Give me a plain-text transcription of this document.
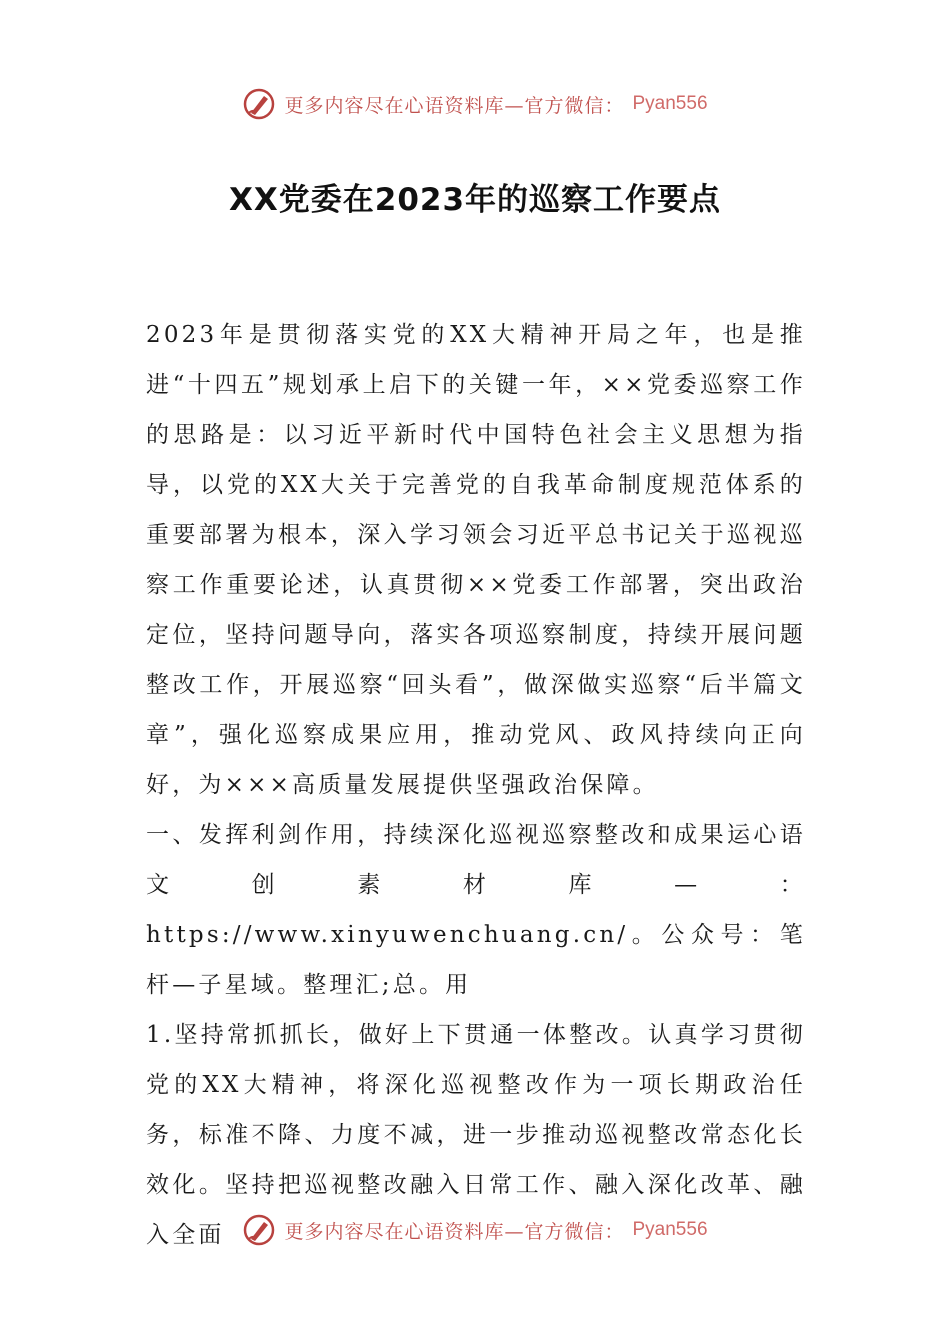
更多内容尽在心语资料库—官方微信： Pyan556
XX党委在2023年的巡察工作要点

2023年是贯彻落实党的XX大精神开局之年，也是推进“十四五”规划承上启下的关键一年，××党委巡察工作的思路是：以习近平新时代中国特色社会主义思想为指导，以党的XX大关于完善党的自我革命制度规范体系的重要部署为根本，深入学习领会习近平总书记关于巡视巡察工作重要论述，认真贯彻××党委工作部署，突出政治定位，坚持问题导向，落实各项巡察制度，持续开展问题整改工作，开展巡察“回头看”，做深做实巡察“后半篇文章”，强化巡察成果应用，推动党风、政风持续向正向好，为×××高质量发展提供坚强政治保障。

一、发挥利剑作用，持续深化巡视巡察整改和成果运心语文创素材库—：https://www.xinyuwenchuang.cn/。公众号：笔杆—子星域。整理汇;总。用

1.坚持常抓抓长，做好上下贯通一体整改。认真学习贯彻党的XX大精神，将深化巡视整改作为一项长期政治任务，标准不降、力度不减，进一步推动巡视整改常态化长效化。坚持把巡视整改融入日常工作、融入深化改革、融入全面	更多内容尽在心语资料库—官方微信： Pyan556
